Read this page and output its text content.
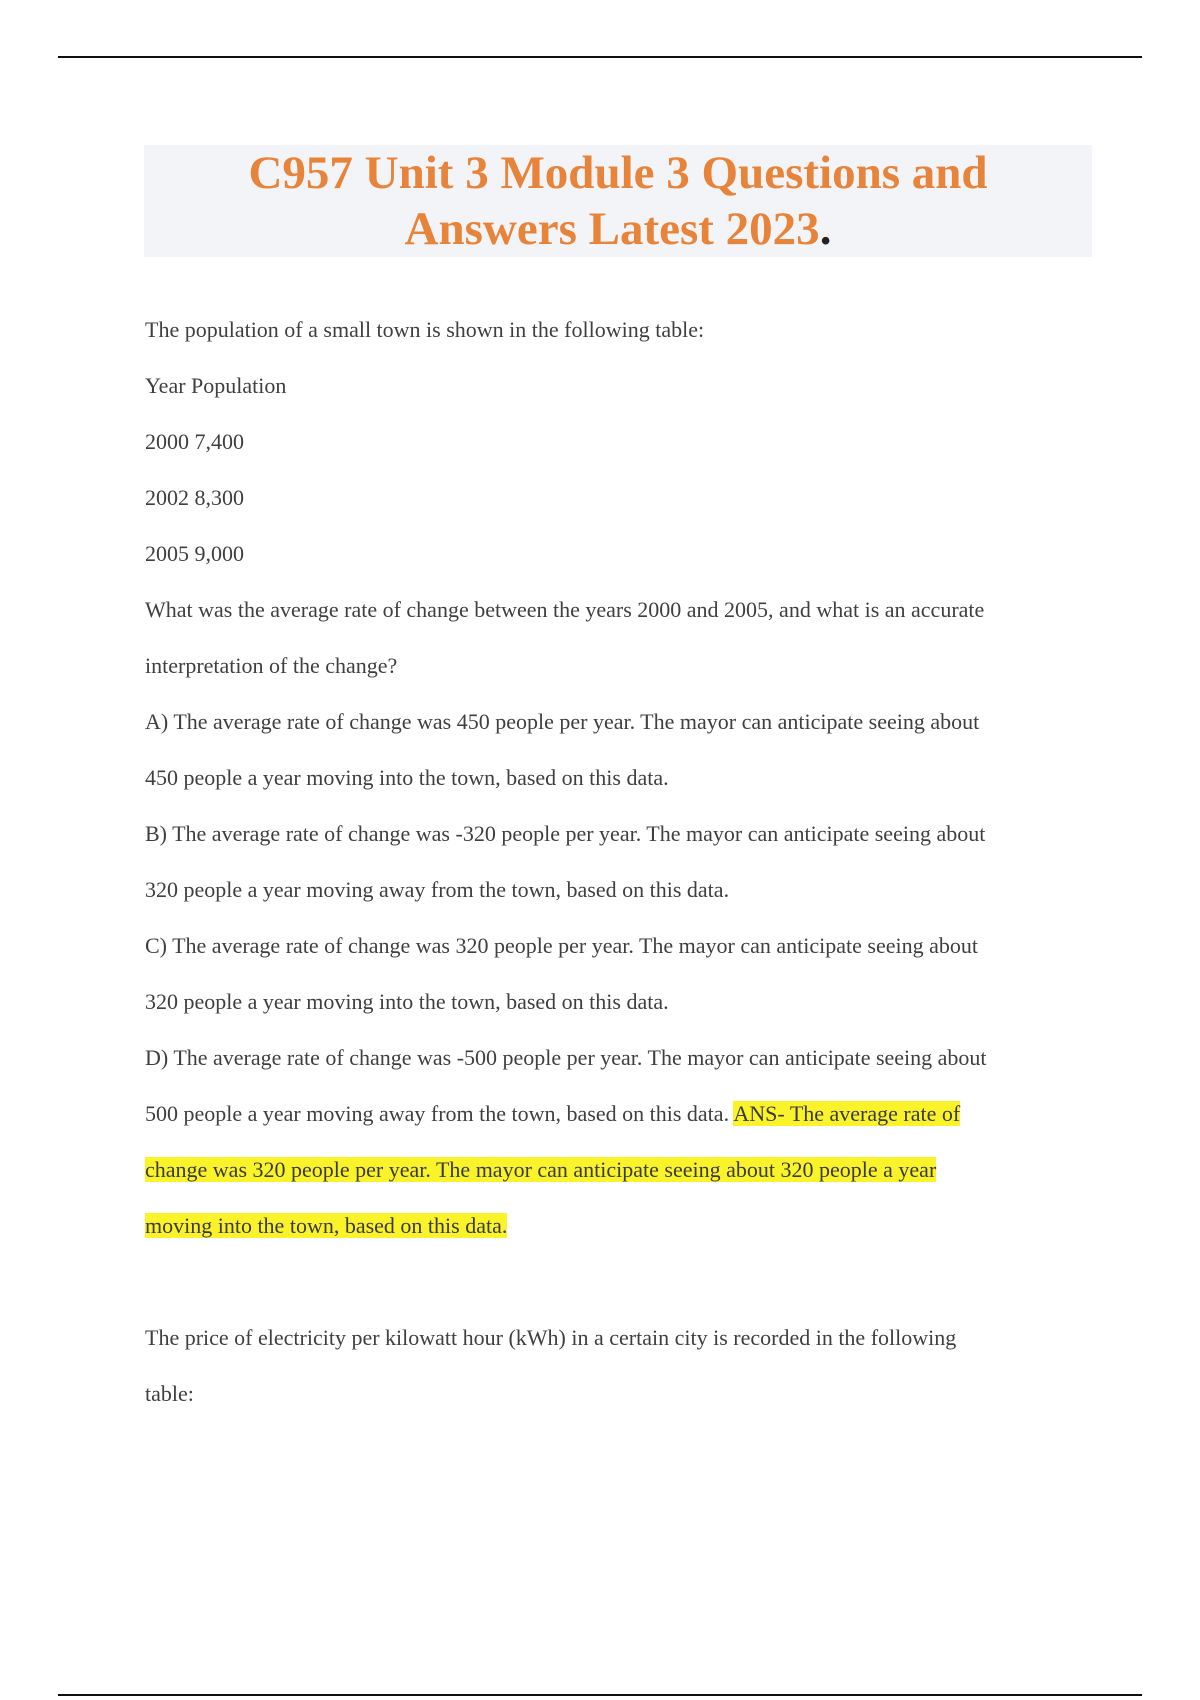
C957 Unit 3 Module 3 Questions and
Answers Latest 2023.
The population of a small town is shown in the following table:
Year Population
2000 7,400
2002 8,300
2005 9,000
What was the average rate of change between the years 2000 and 2005, and what is an accurate
interpretation of the change?
A) The average rate of change was 450 people per year. The mayor can anticipate seeing about
450 people a year moving into the town, based on this data.
B) The average rate of change was -320 people per year. The mayor can anticipate seeing about
320 people a year moving away from the town, based on this data.
C) The average rate of change was 320 people per year. The mayor can anticipate seeing about
320 people a year moving into the town, based on this data.
D) The average rate of change was -500 people per year. The mayor can anticipate seeing about
500 people a year moving away from the town, based on this data. ANS- The average rate of
change was 320 people per year. The mayor can anticipate seeing about 320 people a year
moving into the town, based on this data.
The price of electricity per kilowatt hour (kWh) in a certain city is recorded in the following
table:
